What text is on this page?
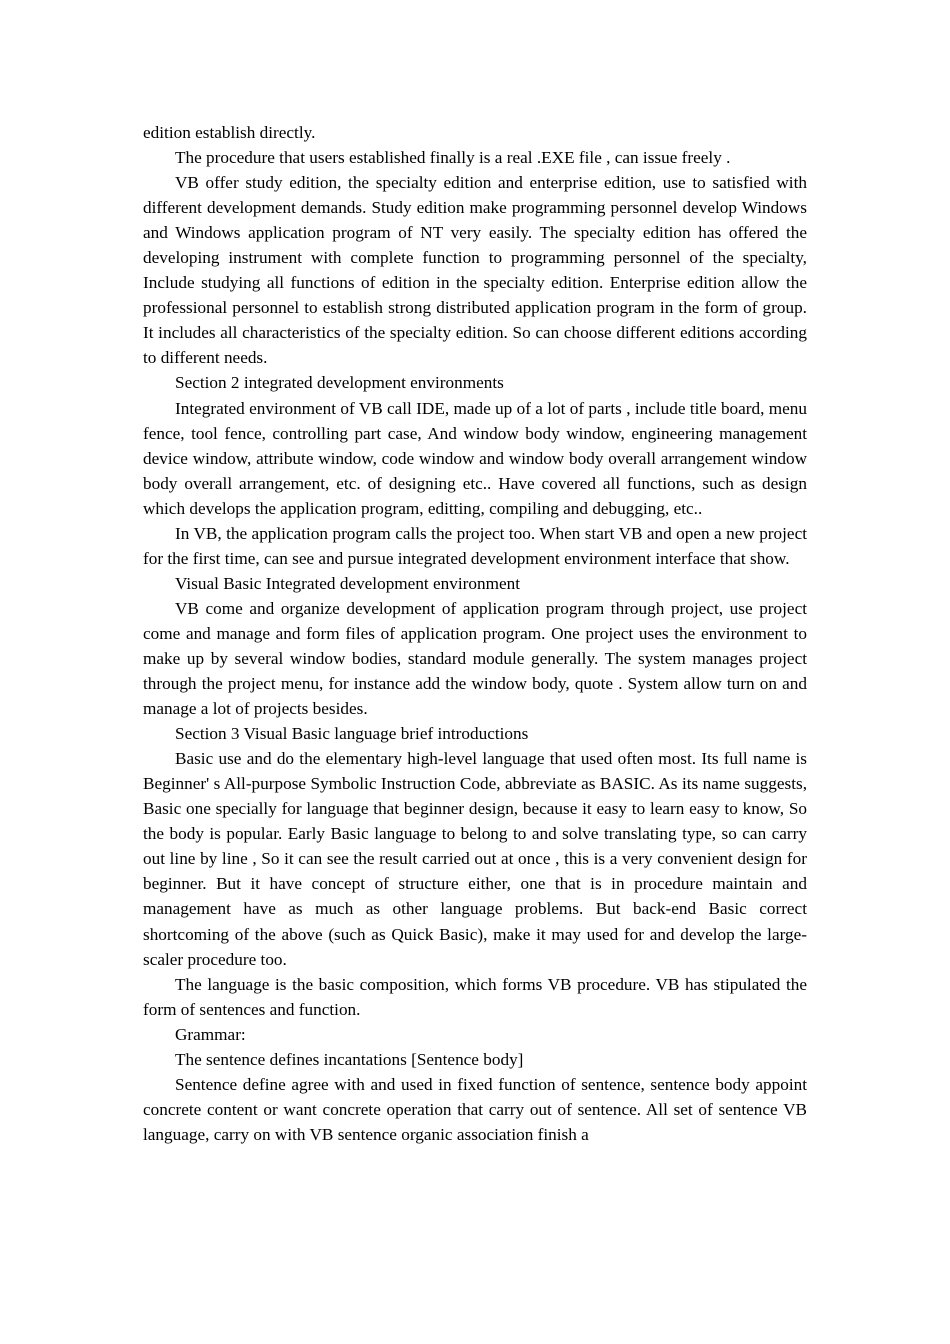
edition establish directly.

The procedure that users established finally is a real .EXE file , can issue freely .

VB offer study edition, the specialty edition and enterprise edition, use to satisfied with different development demands. Study edition make programming personnel develop Windows and Windows application program of NT very easily. The specialty edition has offered the developing instrument with complete function to programming personnel of the specialty, Include studying all functions of edition in the specialty edition. Enterprise edition allow the professional personnel to establish strong distributed application program in the form of group. It includes all characteristics of the specialty edition. So can choose different editions according to different needs.

Section 2 integrated development environments

Integrated environment of VB call IDE, made up of a lot of parts , include title board, menu fence, tool fence, controlling part case, And window body window, engineering management device window, attribute window, code window and window body overall arrangement window body overall arrangement, etc. of designing etc.. Have covered all functions, such as design which develops the application program, editting, compiling and debugging, etc..

In VB, the application program calls the project too. When start VB and open a new project for the first time, can see and pursue integrated development environment interface that show.

Visual Basic Integrated development environment

VB come and organize development of application program through project, use project come and manage and form files of application program. One project uses the environment to make up by several window bodies, standard module generally. The system manages project through the project menu, for instance add the window body, quote . System allow turn on and manage a lot of projects besides.

Section 3 Visual Basic language brief introductions

Basic use and do the elementary high-level language that used often most. Its full name is Beginner' s All-purpose Symbolic Instruction Code, abbreviate as BASIC. As its name suggests, Basic one specially for language that beginner design, because it easy to learn easy to know, So the body is popular. Early Basic language to belong to and solve translating type, so can carry out line by line , So it can see the result carried out at once , this is a very convenient design for beginner. But it have concept of structure either, one that is in procedure maintain and management have as much as other language problems. But back-end Basic correct shortcoming of the above (such as Quick Basic), make it may used for and develop the large-scaler procedure too.

The language is the basic composition, which forms VB procedure. VB has stipulated the form of sentences and function.

Grammar:

The sentence defines incantations [Sentence body]

Sentence define agree with and used in fixed function of sentence, sentence body appoint concrete content or want concrete operation that carry out of sentence. All set of sentence VB language, carry on with VB sentence organic association finish a
